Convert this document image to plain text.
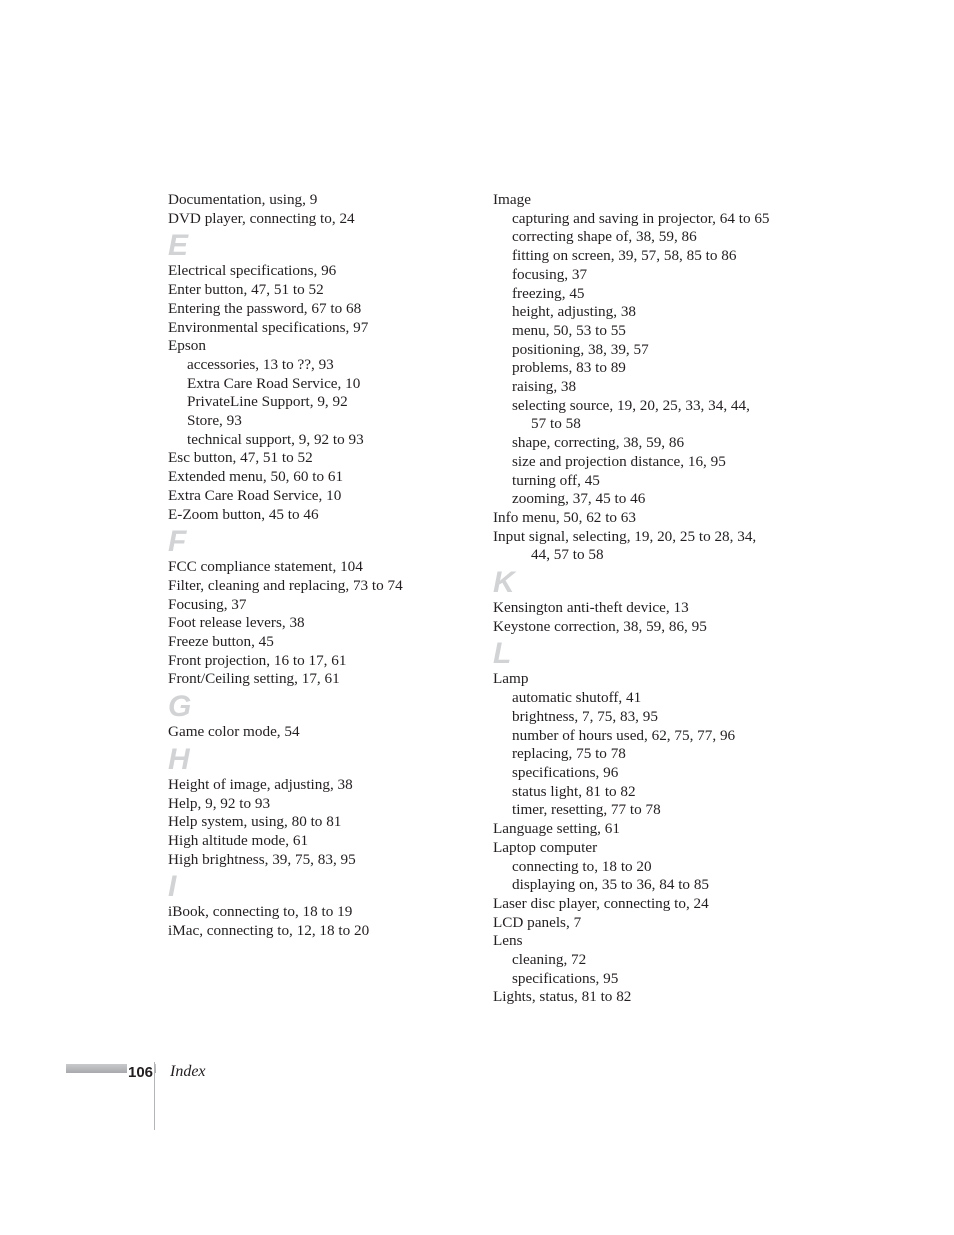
Documentation, using, 9
DVD player, connecting to, 24
E
Electrical specifications, 96
Enter button, 47, 51 to 52
Entering the password, 67 to 68
Environmental specifications, 97
Epson
accessories, 13 to ??, 93
Extra Care Road Service, 10
PrivateLine Support, 9, 92
Store, 93
technical support, 9, 92 to 93
Esc button, 47, 51 to 52
Extended menu, 50, 60 to 61
Extra Care Road Service, 10
E-Zoom button, 45 to 46
F
FCC compliance statement, 104
Filter, cleaning and replacing, 73 to 74
Focusing, 37
Foot release levers, 38
Freeze button, 45
Front projection, 16 to 17, 61
Front/Ceiling setting, 17, 61
G
Game color mode, 54
H
Height of image, adjusting, 38
Help, 9, 92 to 93
Help system, using, 80 to 81
High altitude mode, 61
High brightness, 39, 75, 83, 95
I
iBook, connecting to, 18 to 19
iMac, connecting to, 12, 18 to 20
Image
capturing and saving in projector, 64 to 65
correcting shape of, 38, 59, 86
fitting on screen, 39, 57, 58, 85 to 86
focusing, 37
freezing, 45
height, adjusting, 38
menu, 50, 53 to 55
positioning, 38, 39, 57
problems, 83 to 89
raising, 38
selecting source, 19, 20, 25, 33, 34, 44,
57 to 58
shape, correcting, 38, 59, 86
size and projection distance, 16, 95
turning off, 45
zooming, 37, 45 to 46
Info menu, 50, 62 to 63
Input signal, selecting, 19, 20, 25 to 28, 34,
44, 57 to 58
K
Kensington anti-theft device, 13
Keystone correction, 38, 59, 86, 95
L
Lamp
automatic shutoff, 41
brightness, 7, 75, 83, 95
number of hours used, 62, 75, 77, 96
replacing, 75 to 78
specifications, 96
status light, 81 to 82
timer, resetting, 77 to 78
Language setting, 61
Laptop computer
connecting to, 18 to 20
displaying on, 35 to 36, 84 to 85
Laser disc player, connecting to, 24
LCD panels, 7
Lens
cleaning, 72
specifications, 95
Lights, status, 81 to 82
106 Index
